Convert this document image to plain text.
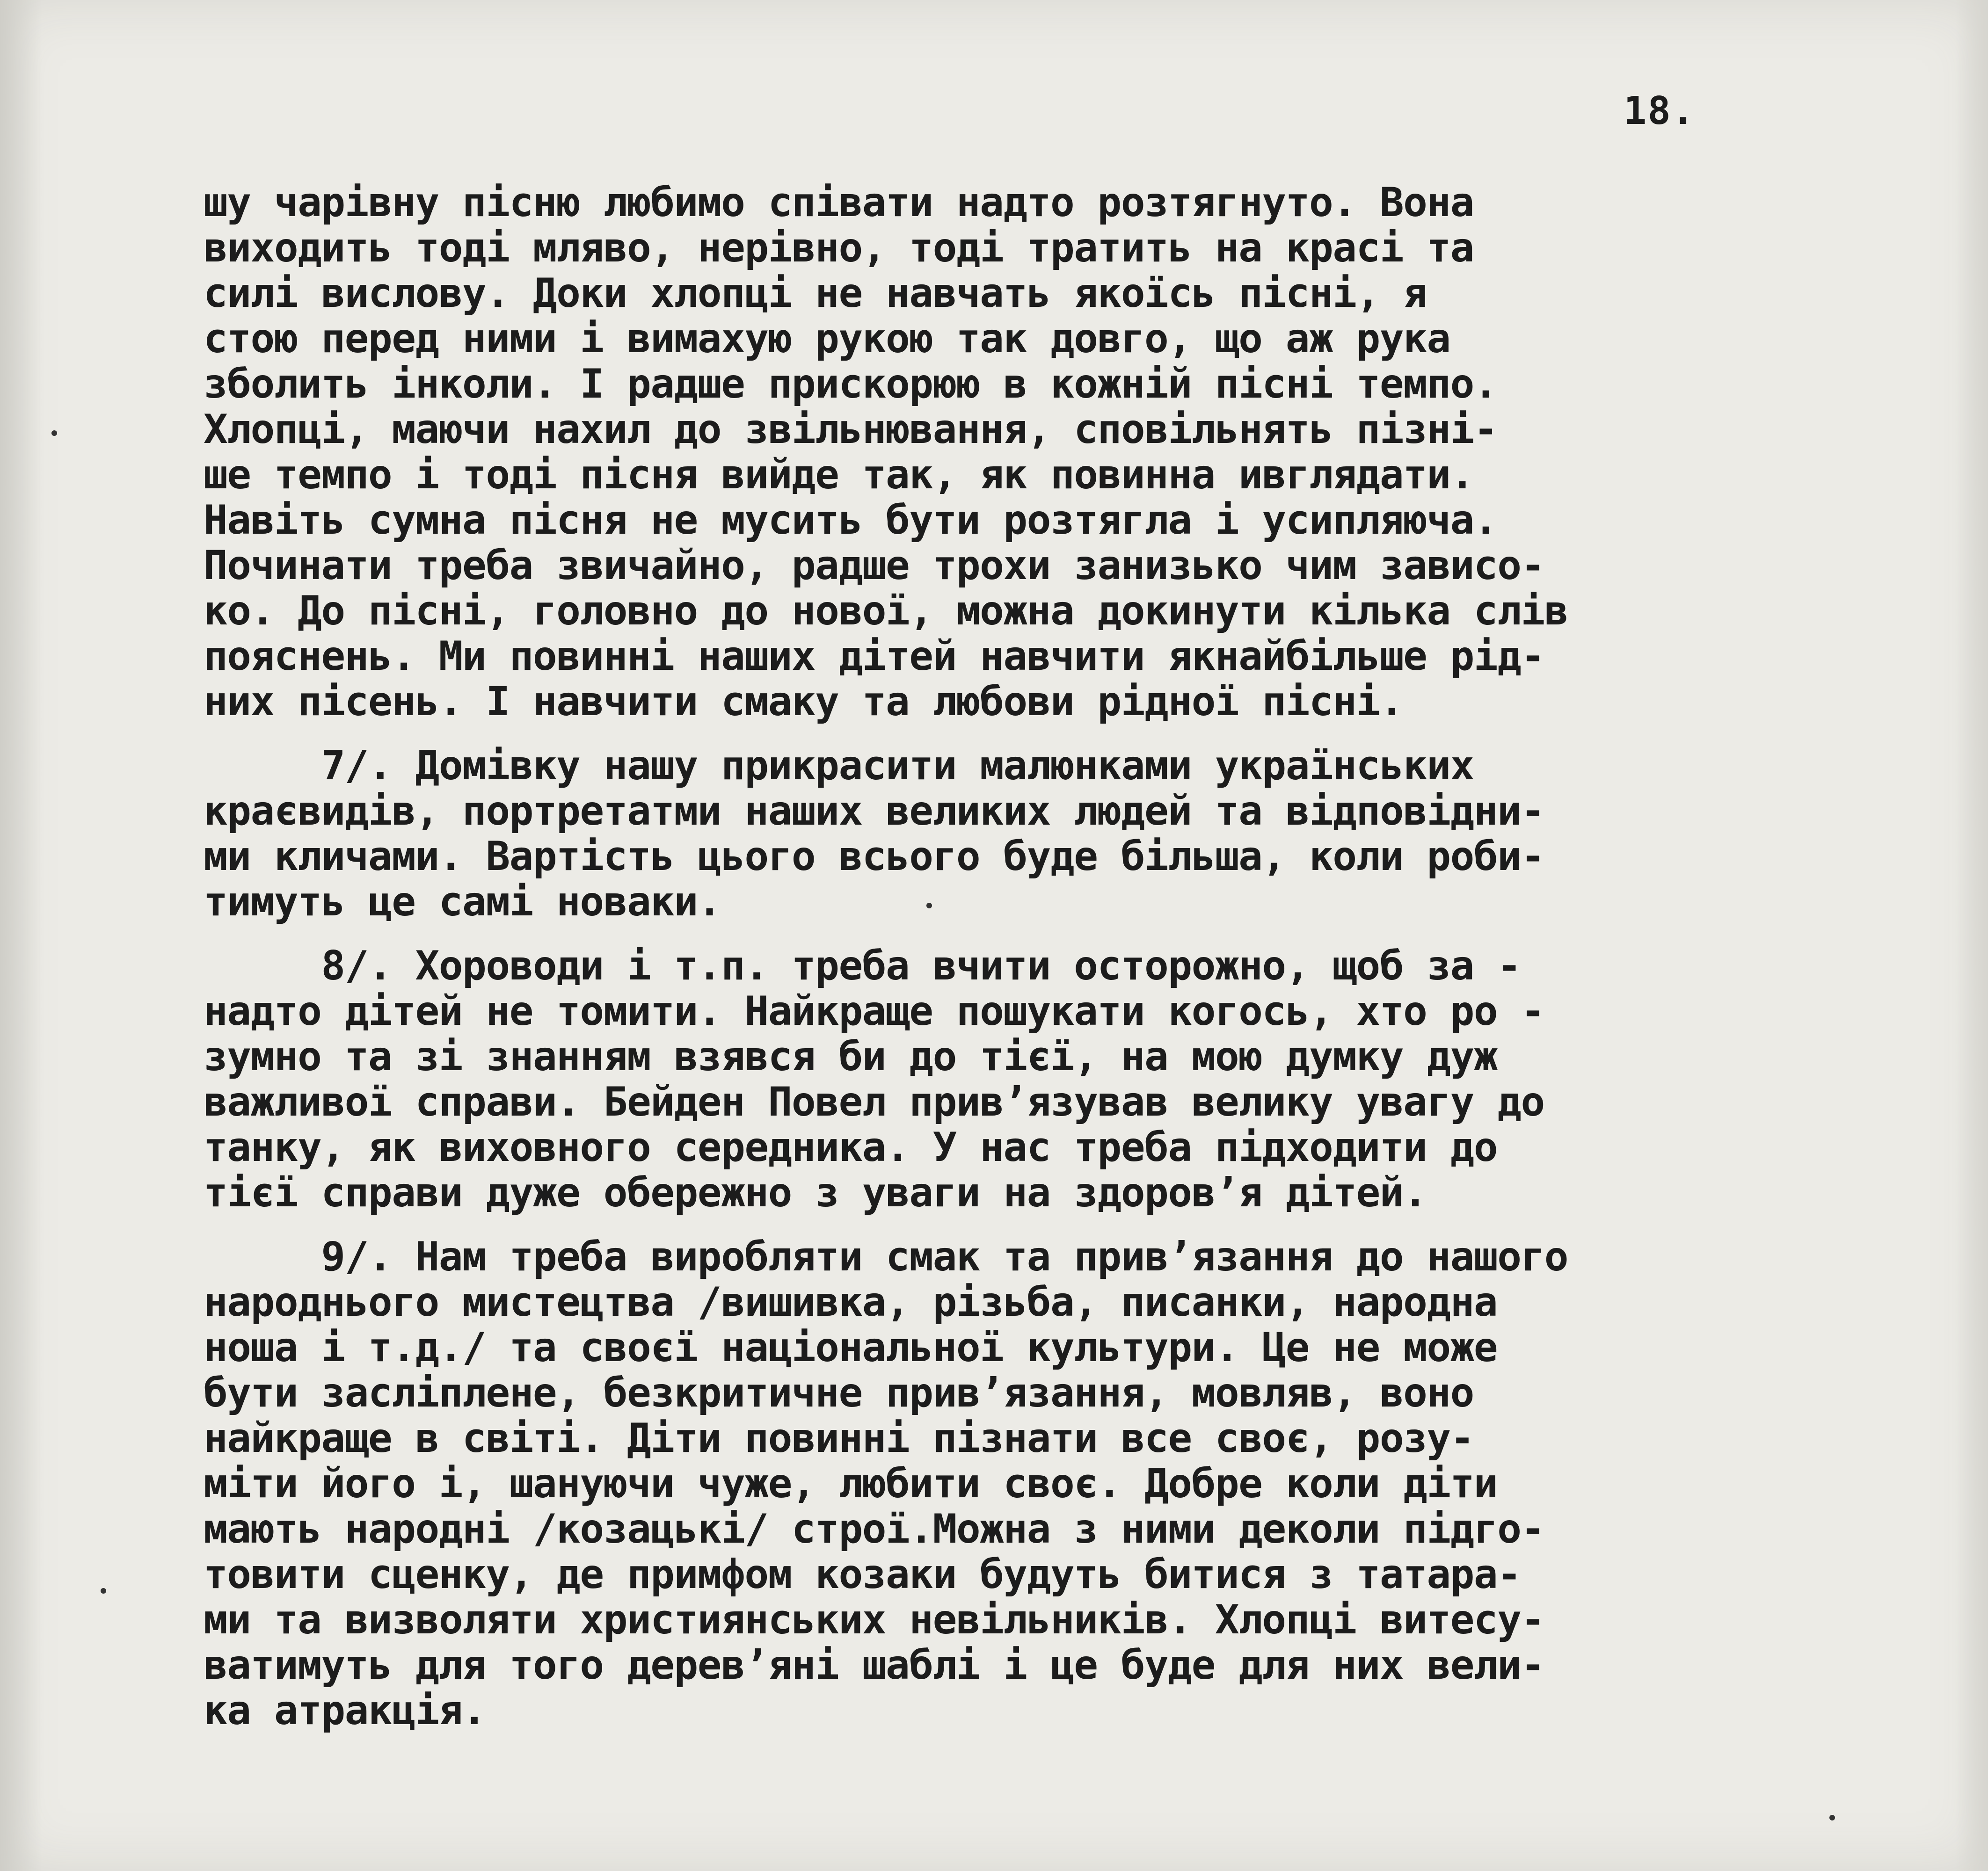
18.
шу чарівну пісню любимо співати надто розтягнуто. Вона
виходить тоді мляво, нерівно, тоді тратить на красі та
силі вислову. Доки хлопці не навчать якоїсь пісні, я
стою перед ними і вимахую рукою так довго, що аж рука
зболить інколи. І радше прискорюю в кожній пісні темпо.
Хлопці, маючи нахил до звільнювання, сповільнять пізні-
ше темпо і тоді пісня вийде так, як повинна ивглядати.
Навіть сумна пісня не мусить бути розтягла і усипляюча.
Починати треба звичайно, радше трохи занизько чим зависо-
ко. До пісні, головно до нової, можна докинути кілька слів
пояснень. Ми повинні наших дітей навчити якнайбільше рід-
них пісень. І навчити смаку та любови рідної пісні.
7/. Домівку нашу прикрасити малюнками українських
краєвидів, портретатми наших великих людей та відповідни-
ми кличами. Вартість цього всього буде більша, коли роби-
тимуть це самі новаки.
8/. Хороводи і т.п. треба вчити осторожно, щоб за -
надто дітей не томити. Найкраще пошукати когось, хто ро -
зумно та зі знанням взявся би до тієї, на мою думку дуж
важливої справи. Бейден Повел прив’язував велику увагу до
танку, як виховного середника. У нас треба підходити до
тієї справи дуже обережно з уваги на здоров’я дітей.
9/. Нам треба виробляти смак та прив’язання до нашого
народнього мистецтва /вишивка, різьба, писанки, народна
ноша і т.д./ та своєї національної культури. Це не може
бути засліплене, безкритичне прив’язання, мовляв, воно
найкраще в світі. Діти повинні пізнати все своє, розу-
міти його і, шануючи чуже, любити своє. Добре коли діти
мають народні /козацькі/ строї.Можна з ними деколи підго-
товити сценку, де примфом козаки будуть битися з татара-
ми та визволяти християнських невільників. Хлопці витесу-
ватимуть для того дерев’яні шаблі і це буде для них вели-
ка атракція.
